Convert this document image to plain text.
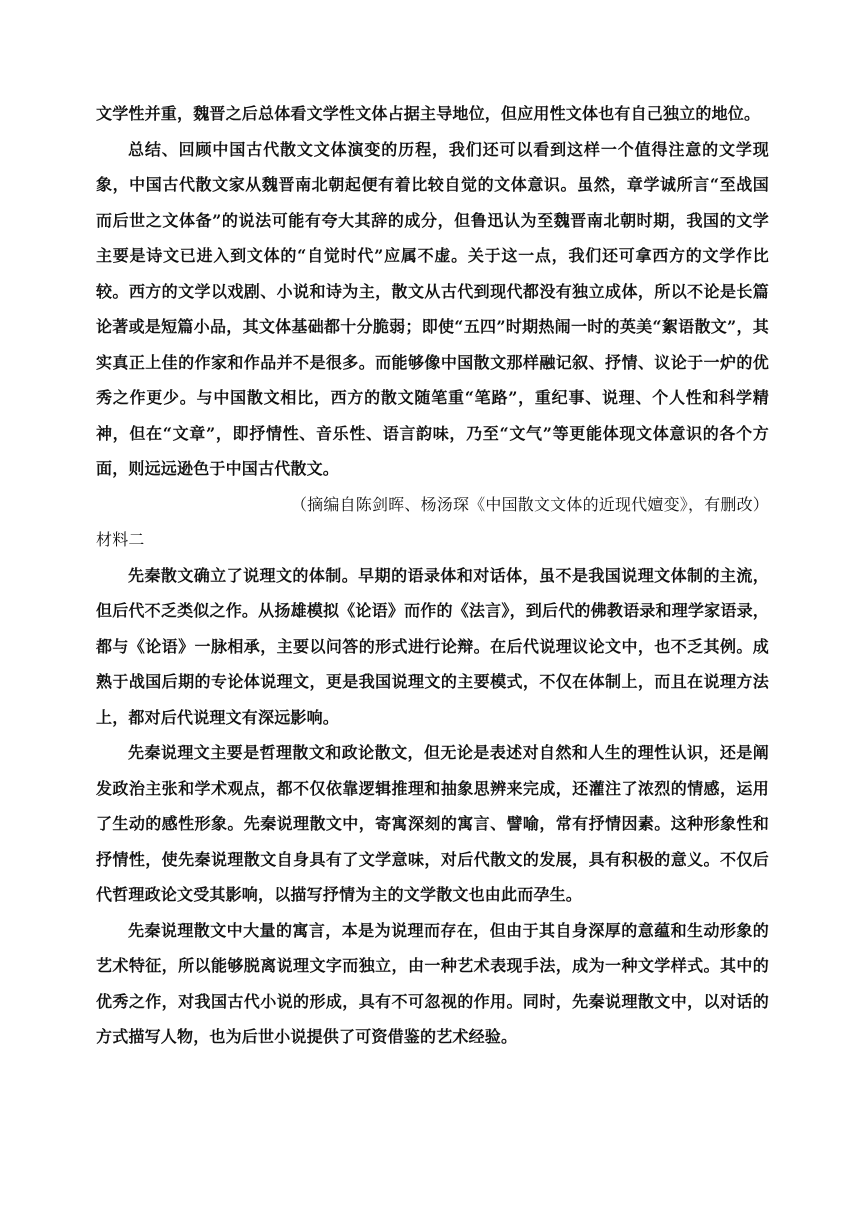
文学性并重，魏晋之后总体看文学性文体占据主导地位，但应用性文体也有自己独立的地位。

总结、回顾中国古代散文文体演变的历程，我们还可以看到这样一个值得注意的文学现象，中国古代散文家从魏晋南北朝起便有着比较自觉的文体意识。虽然，章学诚所言“至战国而后世之文体备”的说法可能有夸大其辞的成分，但鲁迅认为至魏晋南北朝时期，我国的文学主要是诗文已进入到文体的“自觉时代”应属不虚。关于这一点，我们还可拿西方的文学作比较。西方的文学以戏剧、小说和诗为主，散文从古代到现代都没有独立成体，所以不论是长篇论著或是短篇小品，其文体基础都十分脆弱；即使“五四”时期热闹一时的英美“絮语散文”，其实真正上佳的作家和作品并不是很多。而能够像中国散文那样融记叙、抒情、议论于一炉的优秀之作更少。与中国散文相比，西方的散文随笔重“笔路”，重纪事、说理、个人性和科学精神，但在“文章”，即抒情性、音乐性、语言韵味，乃至“文气”等更能体现文体意识的各个方面，则远远逊色于中国古代散文。

（摘编自陈剑晖、杨汤琛《中国散文文体的近现代嬗变》，有删改）

材料二

先秦散文确立了说理文的体制。早期的语录体和对话体，虽不是我国说理文体制的主流，但后代不乏类似之作。从扬雄模拟《论语》而作的《法言》，到后代的佛教语录和理学家语录，都与《论语》一脉相承，主要以问答的形式进行论辩。在后代说理议论文中，也不乏其例。成熟于战国后期的专论体说理文，更是我国说理文的主要模式，不仅在体制上，而且在说理方法上，都对后代说理文有深远影响。

先秦说理文主要是哲理散文和政论散文，但无论是表述对自然和人生的理性认识，还是阐发政治主张和学术观点，都不仅依靠逻辑推理和抽象思辨来完成，还灌注了浓烈的情感，运用了生动的感性形象。先秦说理散文中，寄寓深刻的寓言、譬喻，常有抒情因素。这种形象性和抒情性，使先秦说理散文自身具有了文学意味，对后代散文的发展，具有积极的意义。不仅后代哲理政论文受其影响，以描写抒情为主的文学散文也由此而孕生。

先秦说理散文中大量的寓言，本是为说理而存在，但由于其自身深厚的意蕴和生动形象的艺术特征，所以能够脱离说理文字而独立，由一种艺术表现手法，成为一种文学样式。其中的优秀之作，对我国古代小说的形成，具有不可忽视的作用。同时，先秦说理散文中，以对话的方式描写人物，也为后世小说提供了可资借鉴的艺术经验。
